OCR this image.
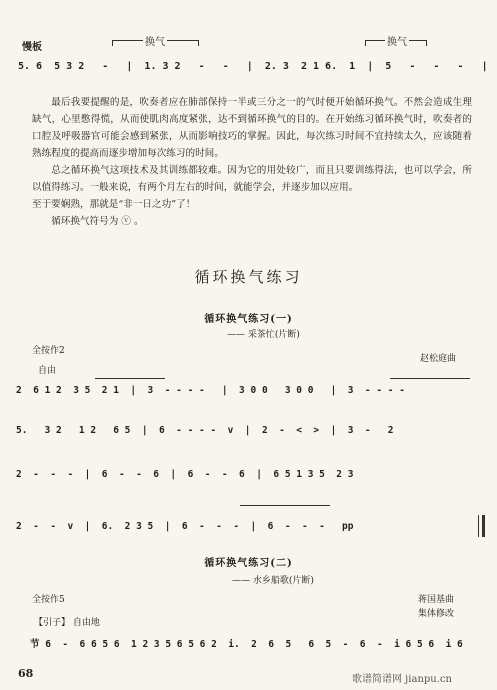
慢板	换气	换气
5. 6  5 3 2   -   |  1. 3 2   -   -   |  2. 3  2 1 6.  1  |  5   -   -   -   |

最后我要提醒的是，吹奏者应在肺部保持一半或三分之一的气时便开始循环换气。不然会造成生理缺气，心里憋得慌，从而使肌肉高度紧张，达不到循环换气的目的。在开始练习循环换气时，吹奏者的口腔及呼吸器官可能会感到紧张，从而影响技巧的掌握。因此，每次练习时间不宜持续太久，应该随着熟练程度的提高而逐步增加每次练习的时间。

总之循环换气这项技术及其训练都较难。因为它的用处较广，而且只要训练得法，也可以学会，所以值得练习。一般来说，有两个月左右的时间，就能学会，并逐步加以应用。

至于要娴熟，那就是“非一日之功”了！

循环换气符号为 ⓥ 。

循环换气练习
循环换气练习(一)
—— 采茶忙(片断)
全按作2
赵松庭曲
自由
2  6 1 2  3 5  2 1  |  3  - - - -   |  3 0 0   3 0 0   |  3  - - - -
5.   3 2   1 2   6 5  |  6  - - - -  v  |  2  -  <  >  |  3  -   2
2  -  -  -  |  6  -  -  6  |  6  -  -  6  |  6 5 1 3 5  2 3
2  -  -  v  |  6.  2 3 5  |  6  -  -  -  |  6  -  -  -   pp
循环换气练习(二)
—— 水乡船歌(片断)
全按作5	蒋国基曲
集体修改
【引子】 自由地
节 6  -  6 6 5 6  1 2 3 5 6 5 6 2  i.  2  6  5   6  5  -  6  -  i 6 5 6  i 6
68	歌谱简谱网 jianpu.cn
